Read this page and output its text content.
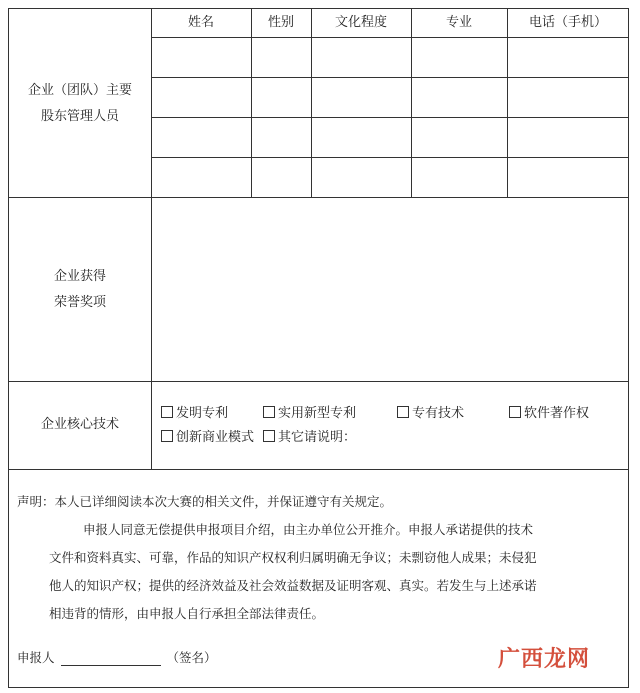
企业（团队）主要
股东管理人员
姓名	性别	文化程度	专业	电话（手机）
企业获得
荣誉奖项
企业核心技术
发明专利	实用新型专利	专有技术	软件著作权
创新商业模式	其它请说明：
声明：本人已详细阅读本次大赛的相关文件，并保证遵守有关规定。
申报人同意无偿提供申报项目介绍，由主办单位公开推介。申报人承诺提供的技术
文件和资料真实、可靠，作品的知识产权权利归属明确无争议；未剽窃他人成果；未侵犯
他人的知识产权；提供的经济效益及社会效益数据及证明客观、真实。若发生与上述承诺
相违背的情形，由申报人自行承担全部法律责任。
申报人	（签名）	广西龙网
